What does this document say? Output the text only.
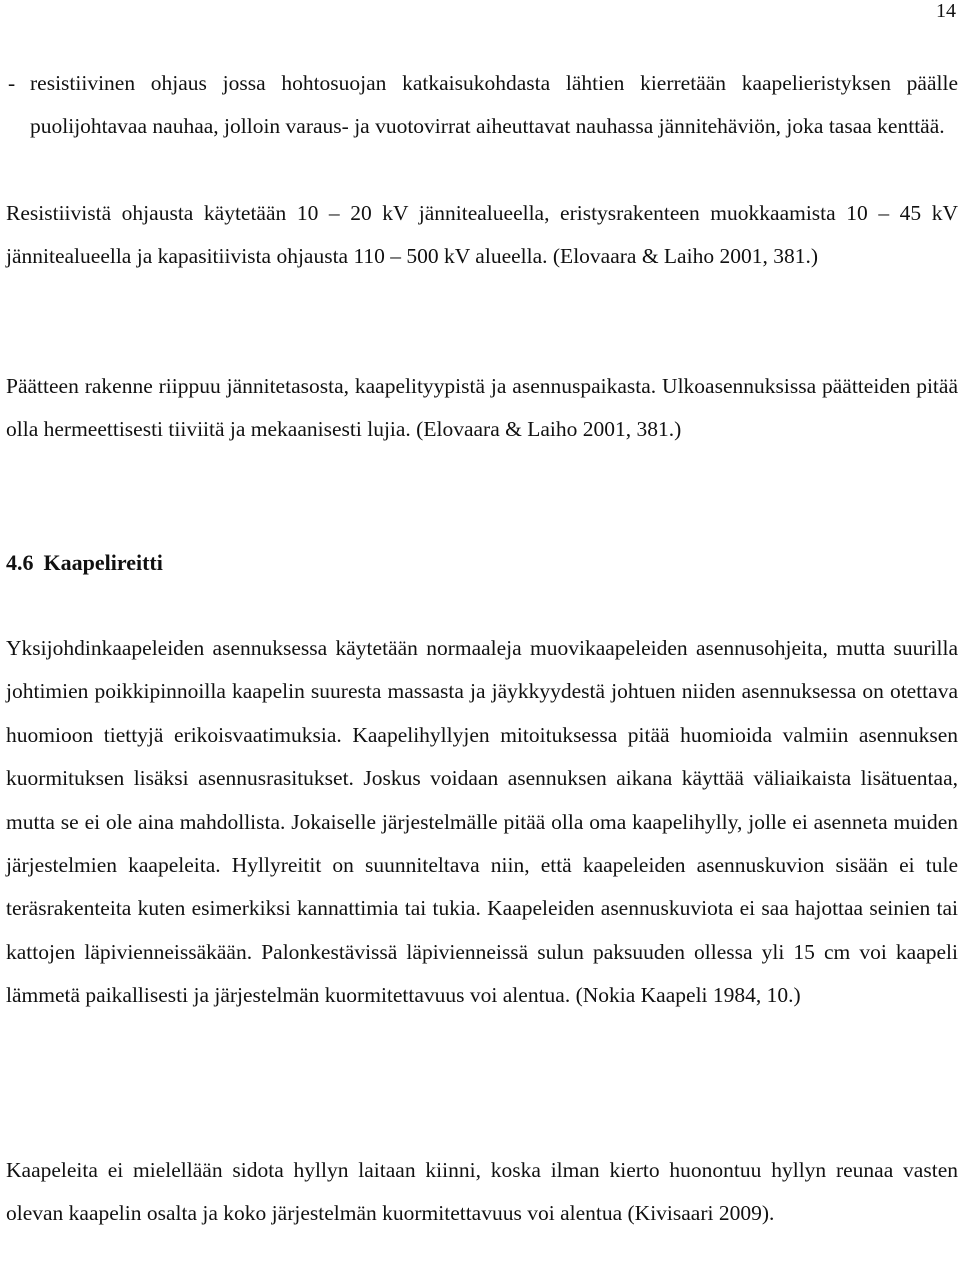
14
- resistiivinen ohjaus jossa hohtosuojan katkaisukohdasta lähtien kierretään kaapelieristyksen päälle puolijohtavaa nauhaa, jolloin varaus- ja vuotovirrat aiheuttavat nauhassa jännitehäviön, joka tasaa kenttää.
Resistiivistä ohjausta käytetään 10 – 20 kV jännitealueella, eristysrakenteen muokkaamista 10 – 45 kV jännitealueella ja kapasitiivista ohjausta 110 – 500 kV alueella. (Elovaara & Laiho 2001, 381.)
Päätteen rakenne riippuu jännitetasosta, kaapelityypistä ja asennuspaikasta. Ulkoasennuksissa päätteiden pitää olla hermeettisesti tiiviitä ja mekaanisesti lujia. (Elovaara & Laiho 2001, 381.)
4.6 Kaapelireitti
Yksijohdinkaapeleiden asennuksessa käytetään normaaleja muovikaapeleiden asennusohjeita, mutta suurilla johtimien poikkipinnoilla kaapelin suuresta massasta ja jäykkyydestä johtuen niiden asennuksessa on otettava huomioon tiettyjä erikoisvaatimuksia. Kaapelihyllyjen mitoituksessa pitää huomioida valmiin asennuksen kuormituksen lisäksi asennusrasitukset. Joskus voidaan asennuksen aikana käyttää väliaikaista lisätuentaa, mutta se ei ole aina mahdollista. Jokaiselle järjestelmälle pitää olla oma kaapelihylly, jolle ei asenneta muiden järjestelmien kaapeleita. Hyllyreitit on suunniteltava niin, että kaapeleiden asennuskuvion sisään ei tule teräsrakenteita kuten esimerkiksi kannattimia tai tukia. Kaapeleiden asennuskuviota ei saa hajottaa seinien tai kattojen läpivienneissäkään. Palonkestävissä läpivienneissä sulun paksuuden ollessa yli 15 cm voi kaapeli lämmetä paikallisesti ja järjestelmän kuormitettavuus voi alentua. (Nokia Kaapeli 1984, 10.)
Kaapeleita ei mielellään sidota hyllyn laitaan kiinni, koska ilman kierto huonontuu hyllyn reunaa vasten olevan kaapelin osalta ja koko järjestelmän kuormitettavuus voi alentua (Kivisaari 2009).
